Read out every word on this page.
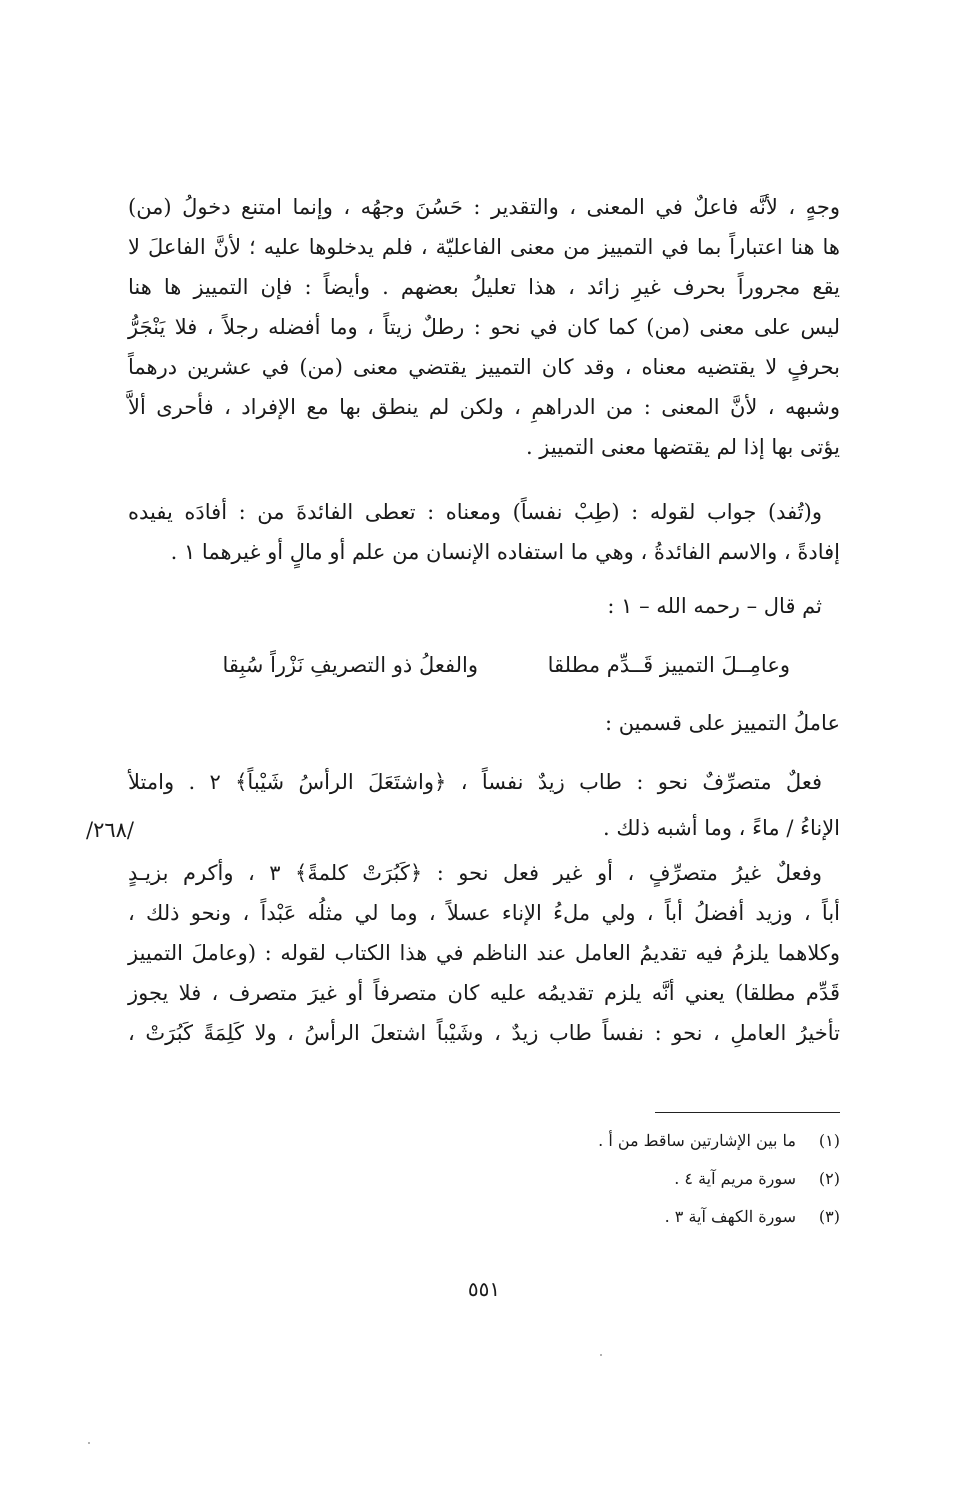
وجهٍ ، لأنَّه فاعلٌ في المعنى ، والتقدير : حَسُنَ وجهُه ، وإنما امتنع دخولُ (من)
ها هنا اعتباراً بما في التمييز من معنى الفاعليّة ، فلم يدخلوها عليه ؛ لأنَّ الفاعلَ لا
يقع مجروراً بحرف غيرِ زائد ، هذا تعليلُ بعضهم . وأيضاً : فإن التمييز ها هنا
ليس على معنى (من) كما كان في نحو : رطلٌ زيتاً ، وما أفضله رجلاً ، فلا يَنْجَرُّ
بحرفٍ لا يقتضيه معناه ، وقد كان التمييز يقتضي معنى (من) في عشرين درهماً
وشبهه ، لأنَّ المعنى : من الدراهمِ ، ولكن لم ينطق بها مع الإفراد ، فأحرى ألاَّ
يؤتى بها إذا لم يقتضها معنى التمييز .
و(تُفد) جواب لقوله : (طِبْ نفساً) ومعناه : تعطى الفائدةَ من : أفادَه يفيده
إفادةً ، والاسم الفائدةُ ، وهي ما استفاده الإنسان من علم أو مالٍ أو غيرهما ١ .
ثم قال – رحمه الله – ١ :
وعامِــلَ التمييز قَــدِّم مطلقا
والفعلُ ذو التصريفِ نَزْراً سُبِقا
عاملُ التمييز على قسمين :
فعلٌ متصرِّفٌ نحو : طاب زيدٌ نفساً ، ﴿واشتَعَلَ الرأسُ شَيْباً﴾ ٢ . وامتلأ
الإناءُ / ماءً ، وما أشبه ذلك .
/٢٦٨/
وفعلٌ غيرُ متصرِّفٍ ، أو غير فعل نحو : ﴿كَبُرَتْ كلمةً﴾ ٣ ، وأكرم بزيـدٍ
أباً ، وزيد أفضلُ أباً ، ولي ملءُ الإناء عسلاً ، وما لي مثلُه عَبْداً ، ونحو ذلك ،
وكلاهما يلزمُ فيه تقديمُ العامل عند الناظم في هذا الكتاب لقوله : (وعاملَ التمييز
قَدِّم مطلقا) يعني أنَّه يلزم تقديمُه عليه كان متصرفاً أو غيرَ متصرف ، فلا يجوز
تأخيرُ العاملِ ، نحو : نفساً طاب زيدٌ ، وشَيْباً اشتعلَ الرأسُ ، ولا كَلِمَةً كَبُرَتْ ،
(١)ما بين الإشارتين ساقط من أ .
(٢)سورة مريم آية ٤ .
(٣)سورة الكهف آية ٣ .
٥٥١
